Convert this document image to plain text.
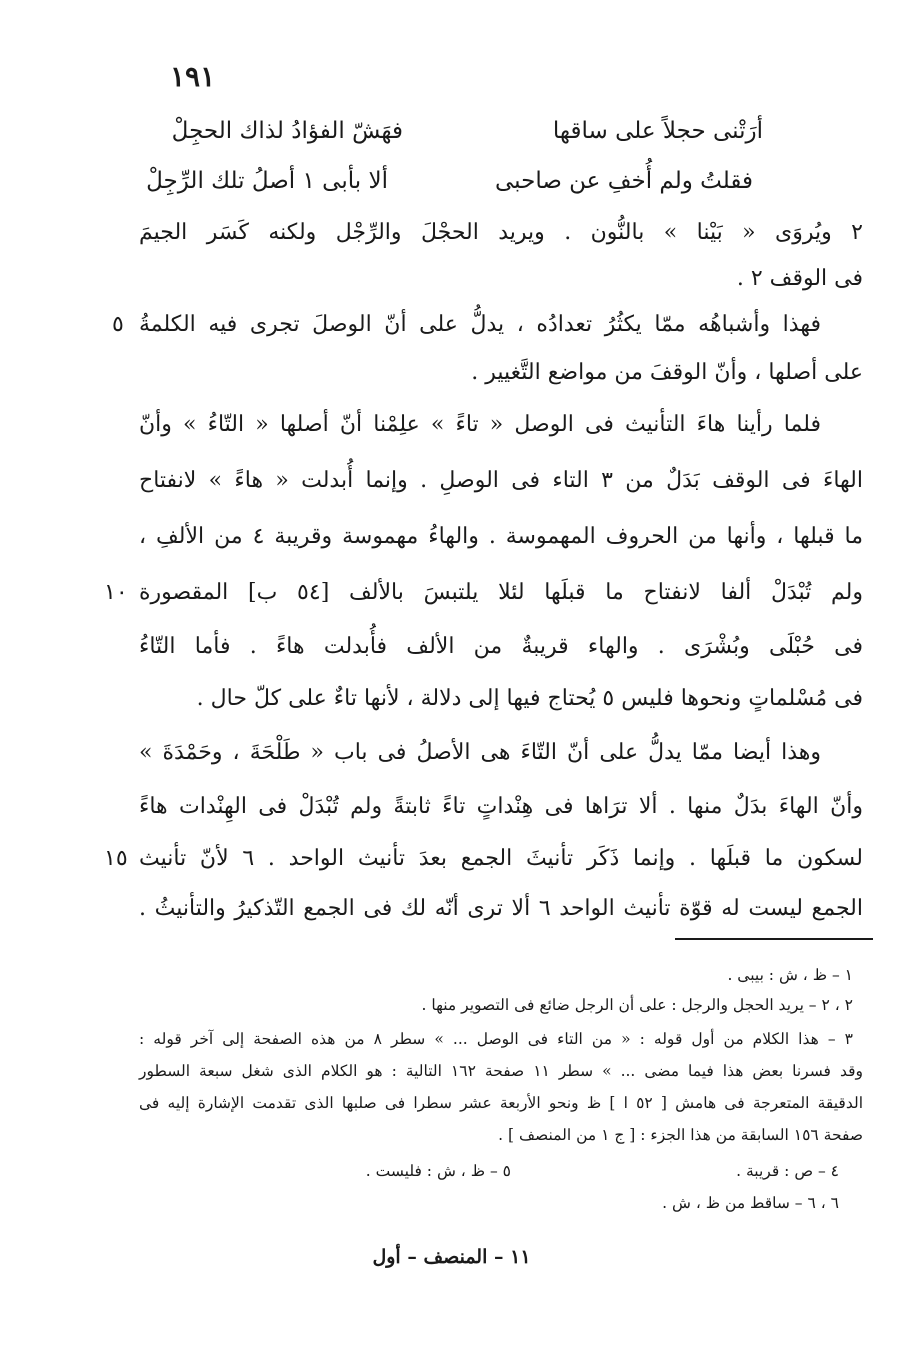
١٩١
أرَتْنى حجلاً على ساقها
فهَشّ الفؤادُ لذاك الحجِلْ
فقلتُ ولم أُخفِ عن صاحبى
ألا بأبى ١ أصلُ تلك الرِّجِلْ
٢ ويُروَى « بَيْنا » بالنُّون . ويريد الحجْلَ والرِّجْل ولكنه كَسَر الجيمَ
فى الوقف ٢ .
فهذا وأشباهُه ممّا يكثُرُ تعدادُه ، يدلُّ على أنّ الوصلَ تجرى فيه الكلمةُ
٥
على أصلها ، وأنّ الوقفَ من مواضع التَّغيير .
فلما رأينا هاءَ التأنيث فى الوصل « تاءً » علِمْنا أنّ أصلها « التّاءُ » وأنّ
الهاءَ فى الوقف بَدَلٌ من ٣ التاء فى الوصلِ . وإنما أُبدلت « هاءً » لانفتاح
ما قبلها ، وأنها من الحروف المهموسة . والهاءُ مهموسة وقريبة ٤ من الألفِ ،
ولم تُبْدَلْ ألفا لانفتاح ما قبلَها لئلا يلتبسَ بالألف [٥٤ ب] المقصورة
١٠
فى حُبْلَى وبُشْرَى . والهاء قريبةٌ من الألف فأُبدلت هاءً . فأما التّاءُ
فى مُسْلماتٍ ونحوها فليس ٥ يُحتاج فيها إلى دلالة ، لأنها تاءٌ على كلّ حال .
وهذا أيضا ممّا يدلُّ على أنّ التّاءَ هى الأصلُ فى باب « طَلْحَةَ ، وحَمْدَةَ »
وأنّ الهاءَ بدَلٌ منها . ألا ترَاها فى هِنْداتٍ تاءً ثابتةً ولم تُبْدَلْ فى الهِنْدات هاءً
لسكون ما قبلَها . وإنما ذَكَر تأنيثَ الجمع بعدَ تأنيث الواحد . ٦ لأنّ تأنيث
١٥
الجمع ليست له قوّة تأنيث الواحد ٦ ألا ترى أنّه لك فى الجمع التّذكيرُ والتأنيثُ .
١ – ظ ، ش : بيبى .
٢ ، ٢ – يريد الحجل والرجل : على أن الرجل ضائع فى التصوير منها .
٣ – هذا الكلام من أول قوله : « من التاء فى الوصل ... » سطر ٨ من هذه الصفحة إلى آخر قوله :
وقد فسرنا بعض هذا فيما مضى ... » سطر ١١ صفحة ١٦٢ التالية : هو الكلام الذى شغل سبعة السطور
الدقيقة المتعرجة فى هامش [ ٥٢ ا ] ظ ونحو الأربعة عشر سطرا فى صلبها الذى تقدمت الإشارة إليه فى
صفحة ١٥٦ السابقة من هذا الجزء : [ ج ١ من المنصف ] .
٤ – ص : قريبة .
٥ – ظ ، ش : فليست .
٦ ، ٦ – ساقط من ظ ، ش .
١١ – المنصف – أول
